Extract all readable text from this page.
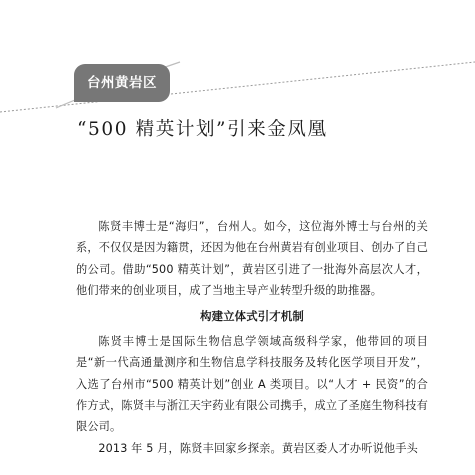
台州黄岩区
“500 精英计划”引来金凤凰

陈贤丰博士是“海归”，台州人。如今，这位海外博士与台州的关系，不仅仅是因为籍贯，还因为他在台州黄岩有创业项目、创办了自己的公司。借助“500 精英计划”，黄岩区引进了一批海外高层次人才，他们带来的创业项目，成了当地主导产业转型升级的助推器。

构建立体式引才机制

陈贤丰博士是国际生物信息学领域高级科学家，他带回的项目是“新一代高通量测序和生物信息学科技服务及转化医学项目开发”，入选了台州市“500 精英计划”创业 A 类项目。以“人才 + 民资”的合作方式，陈贤丰与浙江天宇药业有限公司携手，成立了圣庭生物科技有限公司。

2013 年 5 月，陈贤丰回家乡探亲。黄岩区委人才办听说他手头
